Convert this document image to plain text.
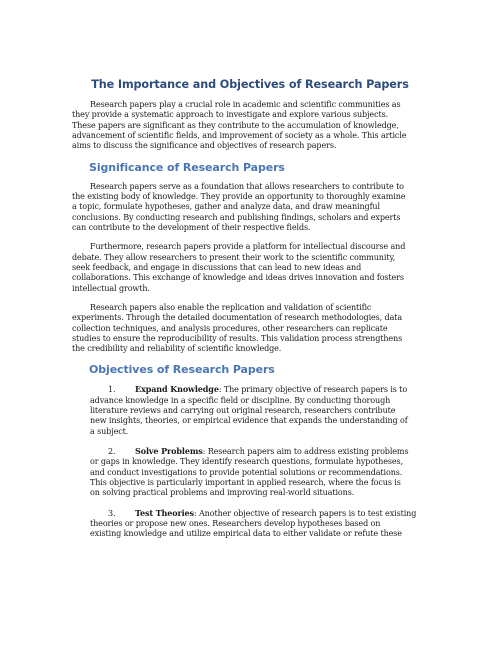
The Importance and Objectives of Research Papers

Research papers play a crucial role in academic and scientific communities as
they provide a systematic approach to investigate and explore various subjects.
These papers are significant as they contribute to the accumulation of knowledge,
advancement of scientific fields, and improvement of society as a whole. This article
aims to discuss the significance and objectives of research papers.

Significance of Research Papers

Research papers serve as a foundation that allows researchers to contribute to
the existing body of knowledge. They provide an opportunity to thoroughly examine
a topic, formulate hypotheses, gather and analyze data, and draw meaningful
conclusions. By conducting research and publishing findings, scholars and experts
can contribute to the development of their respective fields.

Furthermore, research papers provide a platform for intellectual discourse and
debate. They allow researchers to present their work to the scientific community,
seek feedback, and engage in discussions that can lead to new ideas and
collaborations. This exchange of knowledge and ideas drives innovation and fosters
intellectual growth.

Research papers also enable the replication and validation of scientific
experiments. Through the detailed documentation of research methodologies, data
collection techniques, and analysis procedures, other researchers can replicate
studies to ensure the reproducibility of results. This validation process strengthens
the credibility and reliability of scientific knowledge.

Objectives of Research Papers
1. Expand Knowledge: The primary objective of research papers is to
advance knowledge in a specific field or discipline. By conducting thorough
literature reviews and carrying out original research, researchers contribute
new insights, theories, or empirical evidence that expands the understanding of
a subject.
2. Solve Problems: Research papers aim to address existing problems
or gaps in knowledge. They identify research questions, formulate hypotheses,
and conduct investigations to provide potential solutions or recommendations.
This objective is particularly important in applied research, where the focus is
on solving practical problems and improving real-world situations.
3. Test Theories: Another objective of research papers is to test existing
theories or propose new ones. Researchers develop hypotheses based on
existing knowledge and utilize empirical data to either validate or refute these
